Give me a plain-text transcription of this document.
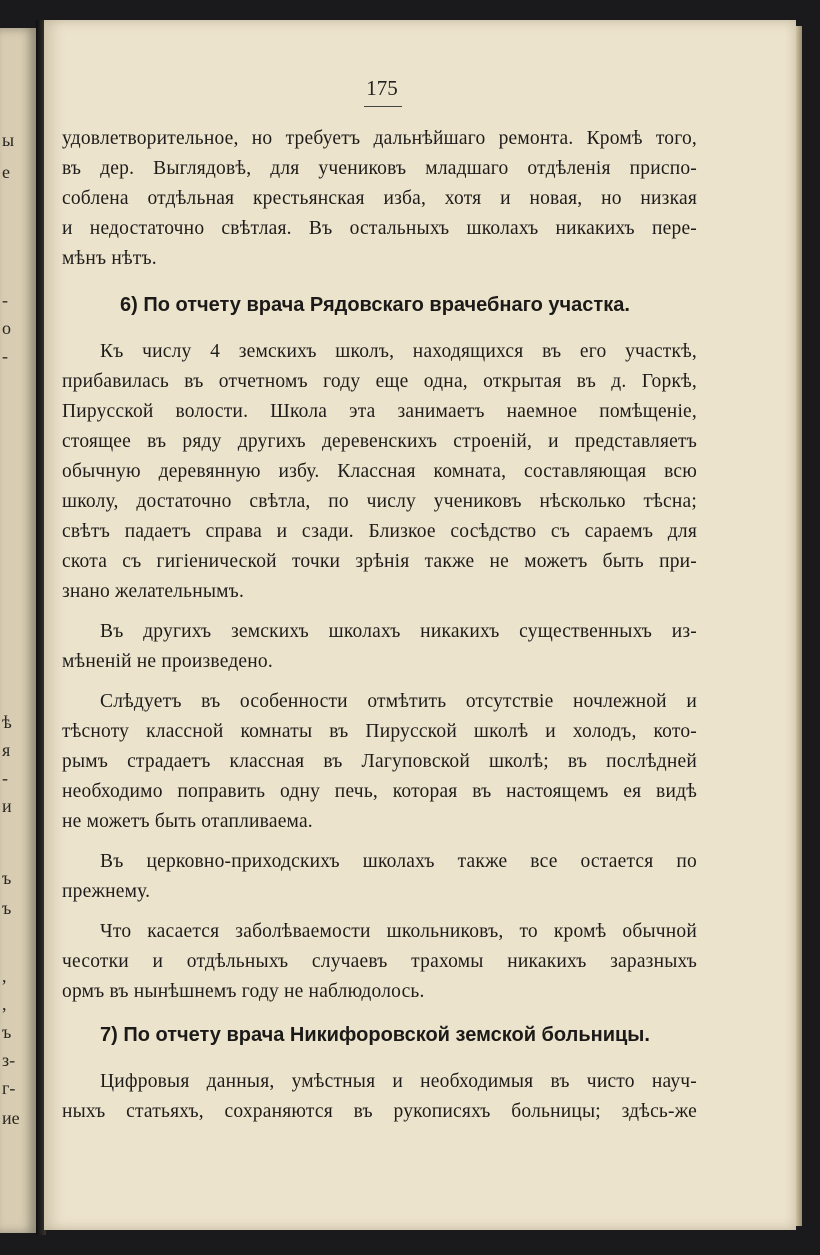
ы
е
-
о
-
ѣ
я
-
и
ъ
ъ
,
,
ъ
з-
г-
ие
175
удовлетворительное, но требуетъ дальнѣйшаго ремонта. Кромѣ того,
въ дер. Выглядовѣ, для учениковъ младшаго отдѣленія приспо-
соблена отдѣльная крестьянская изба, хотя и новая, но низкая
и недостаточно свѣтлая. Въ остальныхъ школахъ никакихъ пере-
мѣнъ нѣтъ.
6) По отчету врача Рядовскаго врачебнаго участка.
Къ числу 4 земскихъ школъ, находящихся въ его участкѣ,
прибавилась въ отчетномъ году еще одна, открытая въ д. Горкѣ,
Пирусской волости. Школа эта занимаетъ наемное помѣщеніе,
стоящее въ ряду другихъ деревенскихъ строеній, и представляетъ
обычную деревянную избу. Классная комната, составляющая всю
школу, достаточно свѣтла, по числу учениковъ нѣсколько тѣсна;
свѣтъ падаетъ справа и сзади. Близкое сосѣдство съ сараемъ для
скота съ гигіенической точки зрѣнія также не можетъ быть при-
знано желательнымъ.
Въ другихъ земскихъ школахъ никакихъ существенныхъ из-
мѣненій не произведено.
Слѣдуетъ въ особенности отмѣтить отсутствіе ночлежной и
тѣсноту классной комнаты въ Пирусской школѣ и холодъ, кото-
рымъ страдаетъ классная въ Лагуповской школѣ; въ послѣдней
необходимо поправить одну печь, которая въ настоящемъ ея видѣ
не можетъ быть отапливаема.
Въ церковно-приходскихъ школахъ также все остается по
прежнему.
Что касается заболѣваемости школьниковъ, то кромѣ обычной
чесотки и отдѣльныхъ случаевъ трахомы никакихъ заразныхъ
ормъ въ нынѣшнемъ году не наблюдолось.
7) По отчету врача Никифоровской земской больницы.
Цифровыя данныя, умѣстныя и необходимыя въ чисто науч-
ныхъ статьяхъ, сохраняются въ рукописяхъ больницы; здѣсь-же
